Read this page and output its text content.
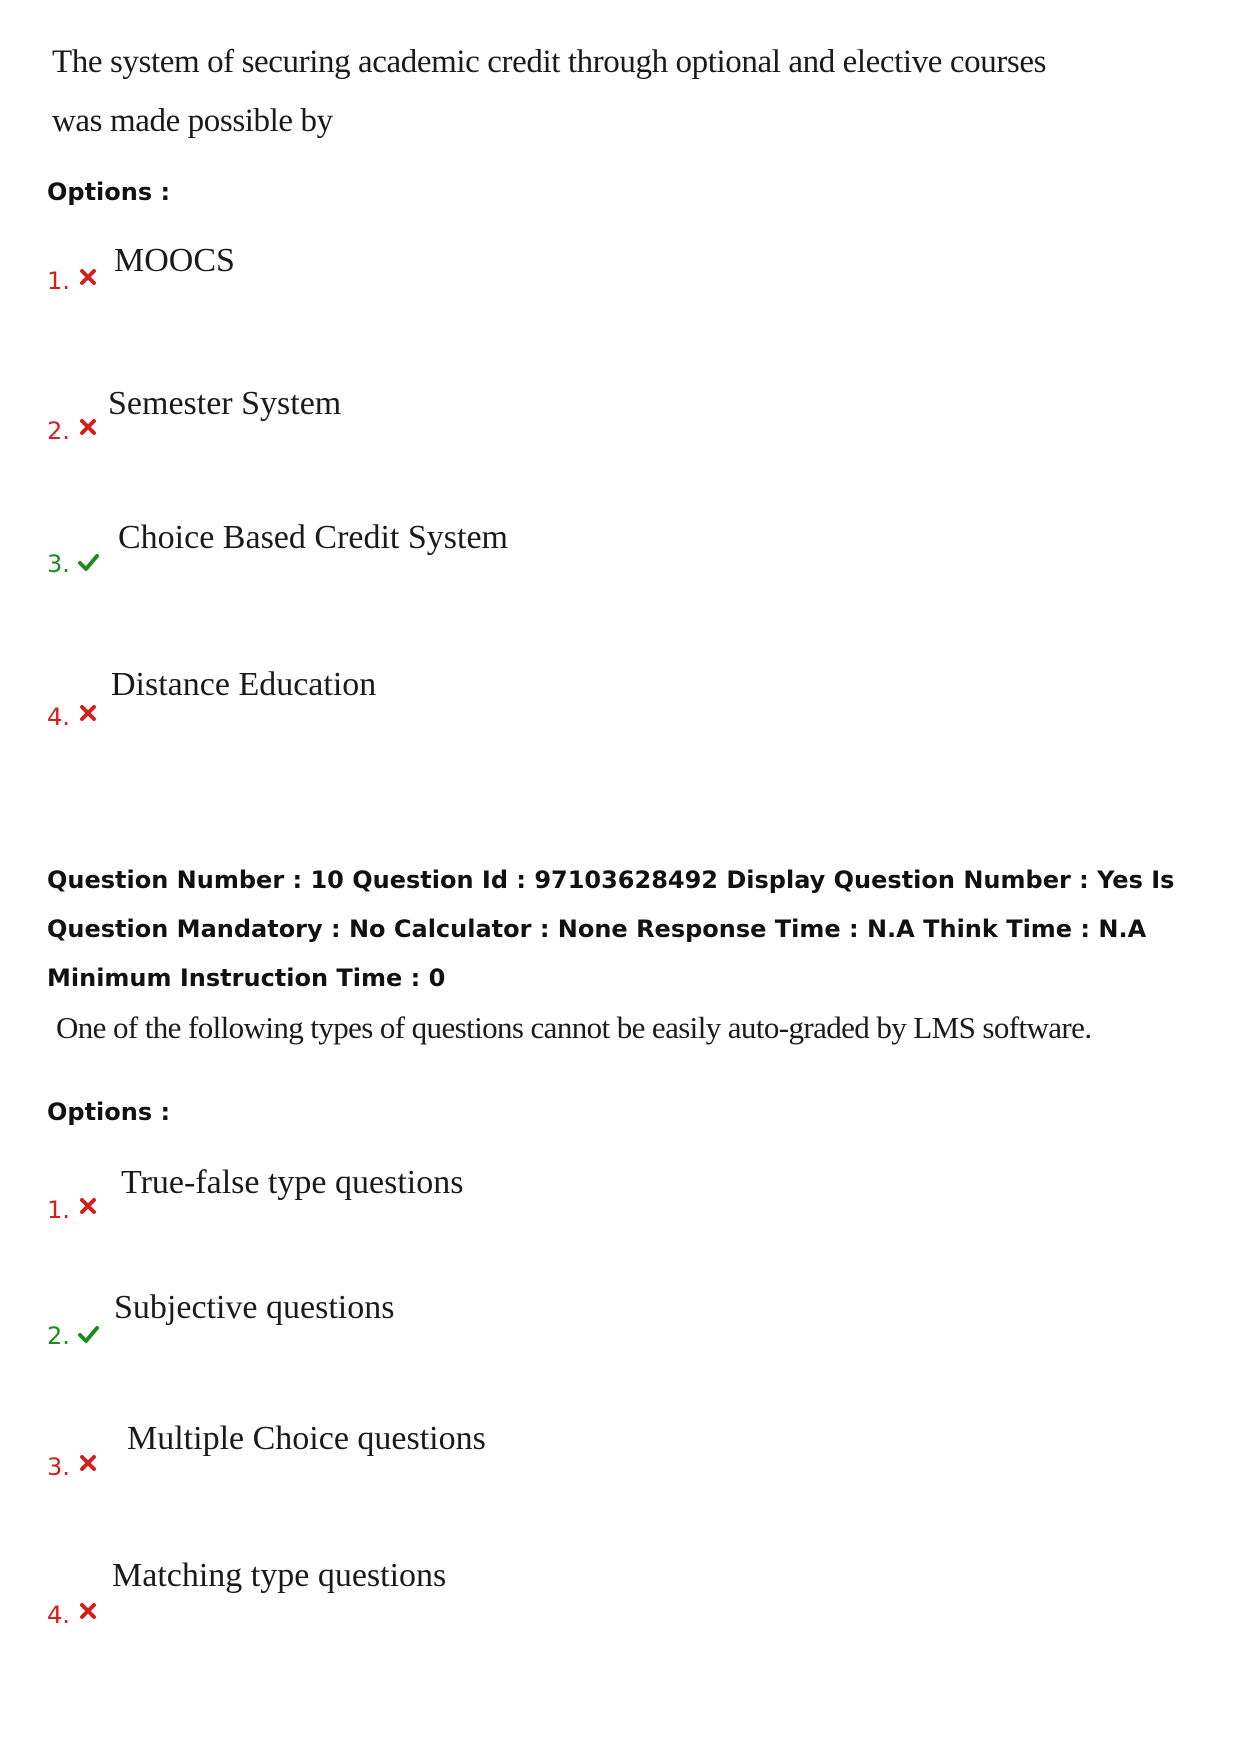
The system of securing academic credit through optional and elective courses
was made possible by
Options :
1.
MOOCS
2.
Semester System
3.
Choice Based Credit System
4.
Distance Education
Question Number : 10 Question Id : 97103628492 Display Question Number : Yes Is Question Mandatory : No Calculator : None Response Time : N.A Think Time : N.A Minimum Instruction Time : 0
One of the following types of questions cannot be easily auto-graded by LMS software.
Options :
1.
True-false type questions
2.
Subjective questions
3.
Multiple Choice questions
4.
Matching type questions
